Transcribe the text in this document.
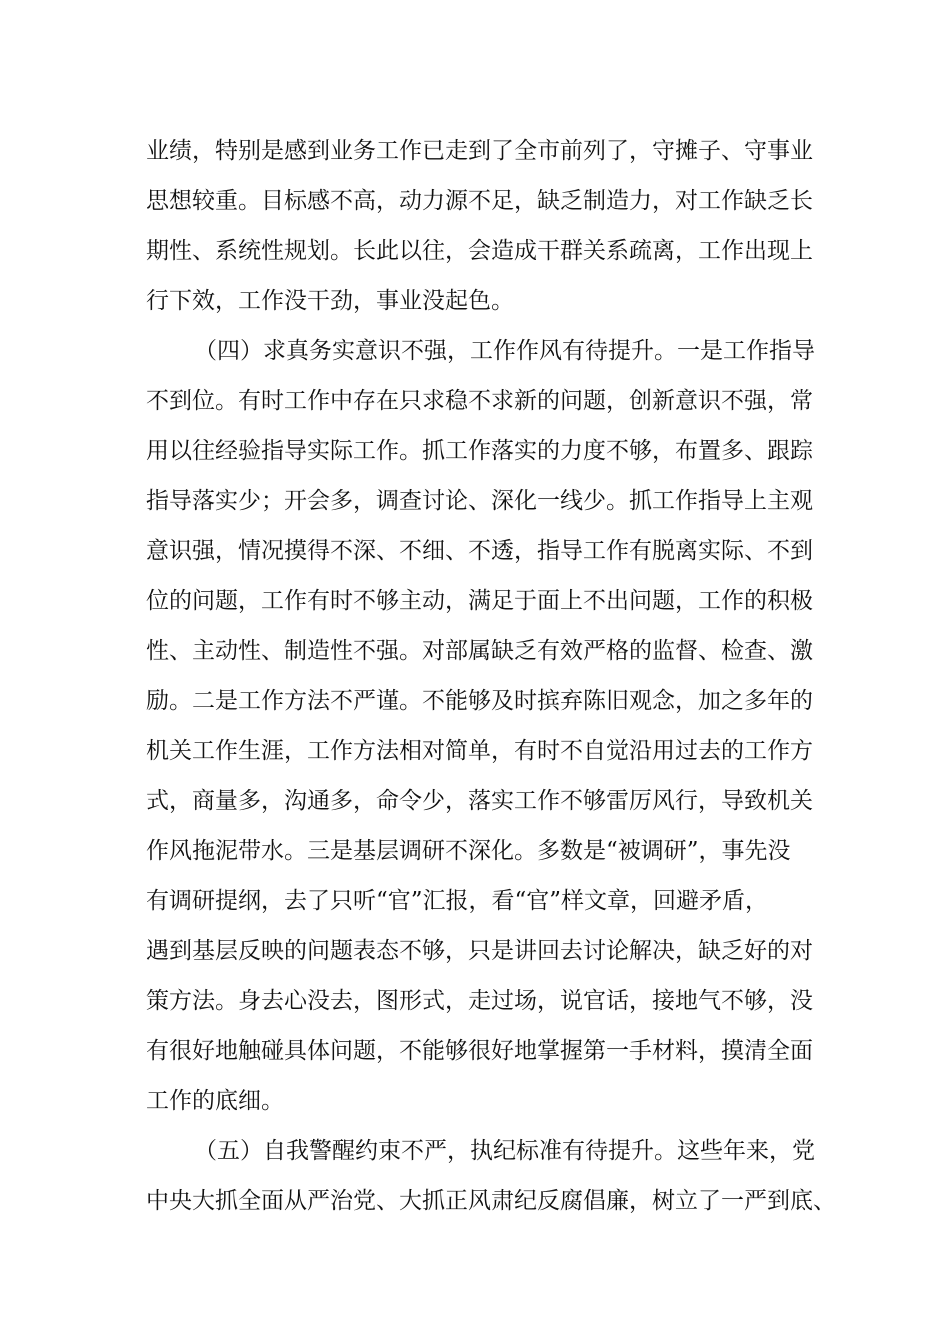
业绩，特别是感到业务工作已走到了全市前列了，守摊子、守事业
思想较重。目标感不高，动力源不足，缺乏制造力，对工作缺乏长
期性、系统性规划。长此以往，会造成干群关系疏离，工作出现上
行下效，工作没干劲，事业没起色。
（四）求真务实意识不强，工作作风有待提升。一是工作指导
不到位。有时工作中存在只求稳不求新的问题，创新意识不强，常
用以往经验指导实际工作。抓工作落实的力度不够，布置多、跟踪
指导落实少；开会多，调查讨论、深化一线少。抓工作指导上主观
意识强，情况摸得不深、不细、不透，指导工作有脱离实际、不到
位的问题，工作有时不够主动，满足于面上不出问题，工作的积极
性、主动性、制造性不强。对部属缺乏有效严格的监督、检查、激
励。二是工作方法不严谨。不能够及时摈弃陈旧观念，加之多年的
机关工作生涯，工作方法相对简单，有时不自觉沿用过去的工作方
式，商量多，沟通多，命令少，落实工作不够雷厉风行，导致机关
作风拖泥带水。三是基层调研不深化。多数是“被调研”，事先没
有调研提纲，去了只听“官”汇报，看“官”样文章，回避矛盾，
遇到基层反映的问题表态不够，只是讲回去讨论解决，缺乏好的对
策方法。身去心没去，图形式，走过场，说官话，接地气不够，没
有很好地触碰具体问题，不能够很好地掌握第一手材料，摸清全面
工作的底细。
（五）自我警醒约束不严，执纪标准有待提升。这些年来，党
中央大抓全面从严治党、大抓正风肃纪反腐倡廉，树立了一严到底、
